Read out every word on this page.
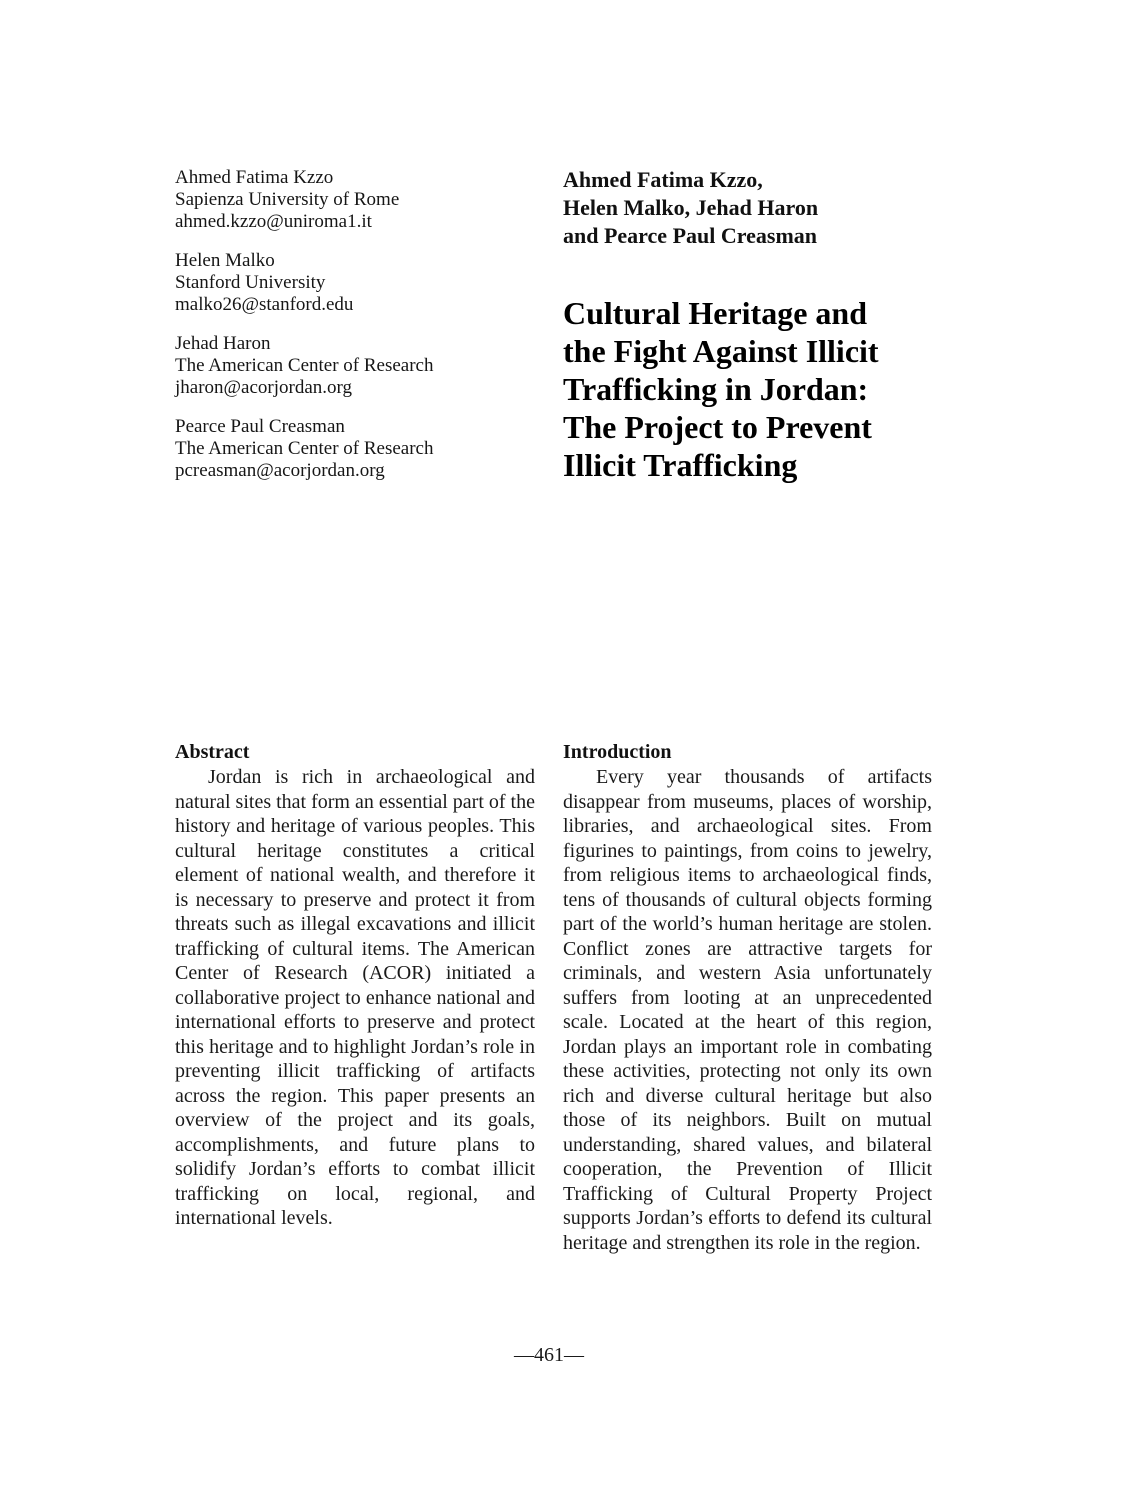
Ahmed Fatima Kzzo
Sapienza University of Rome
ahmed.kzzo@uniroma1.it
Helen Malko
Stanford University
malko26@stanford.edu
Jehad Haron
The American Center of Research
jharon@acorjordan.org
Pearce Paul Creasman
The American Center of Research
pcreasman@acorjordan.org
Ahmed Fatima Kzzo,
Helen Malko, Jehad Haron
and Pearce Paul Creasman
Cultural Heritage and
the Fight Against Illicit
Trafficking in Jordan:
The Project to Prevent
Illicit Trafficking
Abstract

Jordan is rich in archaeological and natural sites that form an essential part of the history and heritage of various peoples. This cultural heritage constitutes a critical element of national wealth, and therefore it is necessary to preserve and protect it from threats such as illegal excavations and illicit trafficking of cultural items. The American Center of Research (ACOR) initiated a collaborative project to enhance national and international efforts to preserve and protect this heritage and to highlight Jordan’s role in preventing illicit trafficking of artifacts across the region. This paper presents an overview of the project and its goals, accomplishments, and future plans to solidify Jordan’s efforts to combat illicit trafficking on local, regional, and international levels.

Introduction

Every year thousands of artifacts disappear from museums, places of worship, libraries, and archaeological sites. From figurines to paintings, from coins to jewelry, from religious items to archaeological finds, tens of thousands of cultural objects forming part of the world’s human heritage are stolen. Conflict zones are attractive targets for criminals, and western Asia unfortunately suffers from looting at an unprecedented scale. Located at the heart of this region, Jordan plays an important role in combating these activities, protecting not only its own rich and diverse cultural heritage but also those of its neighbors. Built on mutual understanding, shared values, and bilateral cooperation, the Prevention of Illicit Trafficking of Cultural Property Project supports Jordan’s efforts to defend its cultural heritage and strengthen its role in the region.

—461—
